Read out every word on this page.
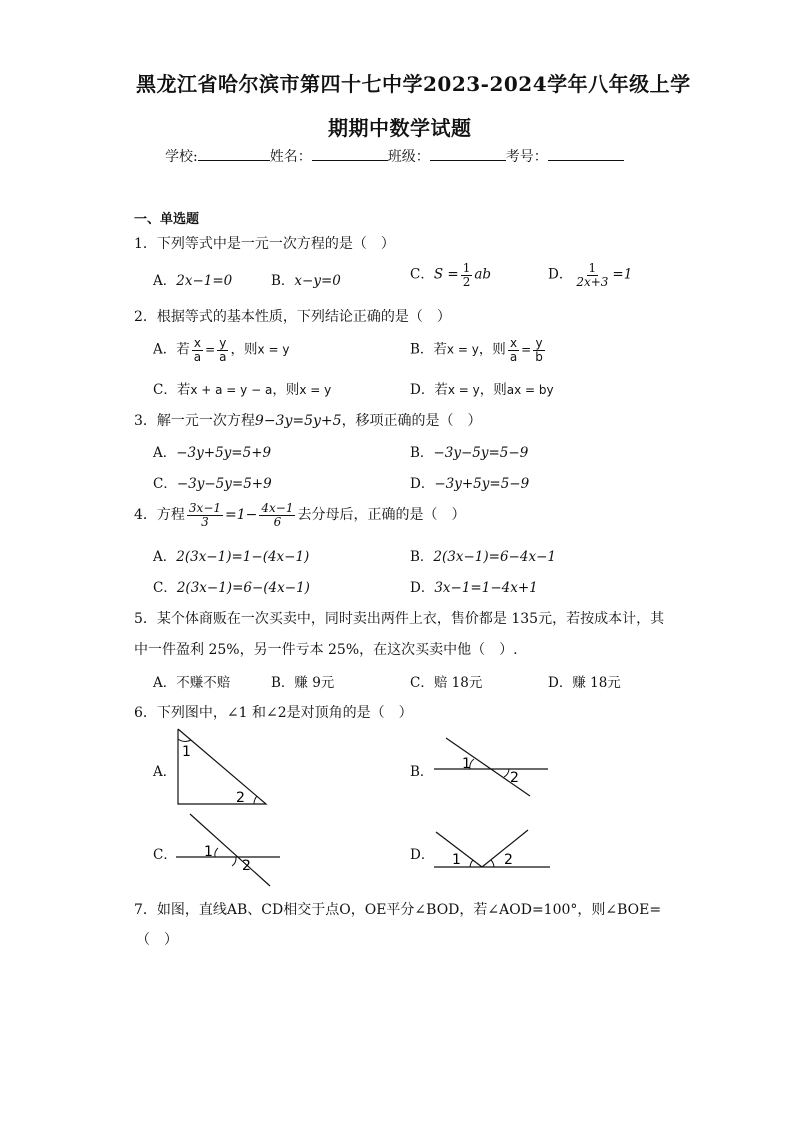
黑龙江省哈尔滨市第四十七中学2023-2024学年八年级上学
期期中数学试题
学校:	姓名：	班级：	考号：
一、单选题
1．下列等式中是一元一次方程的是（　）
A．2x−1=0	B．x−y=0	C．$S = \frac{1}{2}$ ab	D． $\frac{1}{2x+3} =1$
2．根据等式的基本性质，下列结论正确的是（　）
A．若 $\frac{x}{a} = \frac{y}{a}$ ，则x = y	B．若x = y，则 $\frac{x}{a} = \frac{y}{b}$
C．若x + a = y − a，则x = y	D．若x = y，则ax = by
3．解一元一次方程9−3y=5y+5，移项正确的是（　）
A．−3y+5y=5+9	B．−3y−5y=5−9
C．−3y−5y=5+9	D．−3y+5y=5−9
4．方程 $\frac{3x-1}{3} =1- \frac{4x-1}{6}$ 去分母后，正确的是（　）
A．2(3x−1)=1−(4x−1)	B．2(3x−1)=6−4x−1
C．2(3x−1)=6−(4x−1)	D．3x−1=1−4x+1
5．某个体商贩在一次买卖中，同时卖出两件上衣，售价都是 135元，若按成本计，其
中一件盈利 25%，另一件亏本 25%，在这次买卖中他（　）.
A．不赚不赔	B．赚 9元	C．赔 18元	D．赚 18元
6．下列图中，∠1 和∠2是对顶角的是（　）
A．
1
2
B． 1
2
C． 1
2
D． 1	2
7．如图，直线AB、CD相交于点O，OE平分∠BOD，若∠AOD=100°，则∠BOE=
（　）
